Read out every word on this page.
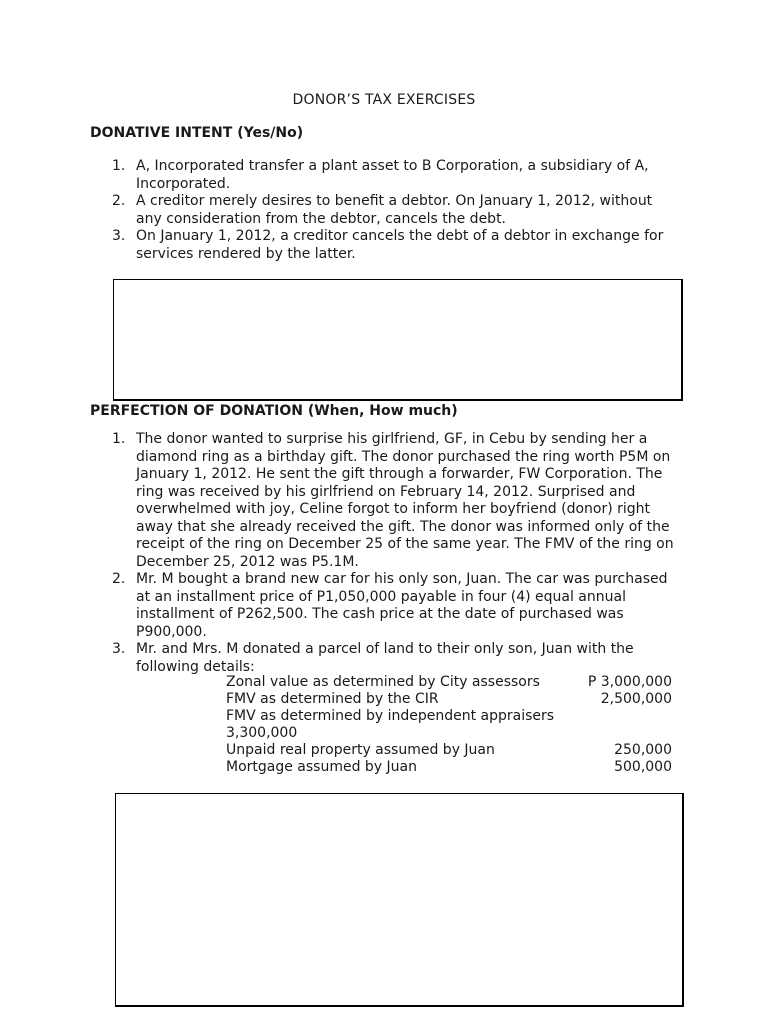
DONOR’S TAX EXERCISES
DONATIVE INTENT (Yes/No)
1. A, Incorporated transfer a plant asset to B Corporation, a subsidiary of A, Incorporated.
2. A creditor merely desires to benefit a debtor. On January 1, 2012, without any consideration from the debtor, cancels the debt.
3. On January 1, 2012, a creditor cancels the debt of a debtor in exchange for services rendered by the latter.
PERFECTION OF DONATION (When, How much)
1. The donor wanted to surprise his girlfriend, GF, in Cebu by sending her a diamond ring as a birthday gift. The donor purchased the ring worth P5M on January 1, 2012. He sent the gift through a forwarder, FW Corporation. The ring was received by his girlfriend on February 14, 2012. Surprised and overwhelmed with joy, Celine forgot to inform her boyfriend (donor) right away that she already received the gift. The donor was informed only of the receipt of the ring on December 25 of the same year. The FMV of the ring on December 25, 2012 was P5.1M.
2. Mr. M bought a brand new car for his only son, Juan. The car was purchased at an installment price of P1,050,000 payable in four (4) equal annual installment of P262,500. The cash price at the date of purchased was P900,000.
3. Mr. and Mrs. M donated a parcel of land to their only son, Juan with the following details:
Zonal value as determined by City assessors	P 3,000,000
FMV as determined by the CIR	2,500,000
FMV as determined by independent appraisers
3,300,000
Unpaid real property assumed by Juan	250,000
Mortgage assumed by Juan	500,000
